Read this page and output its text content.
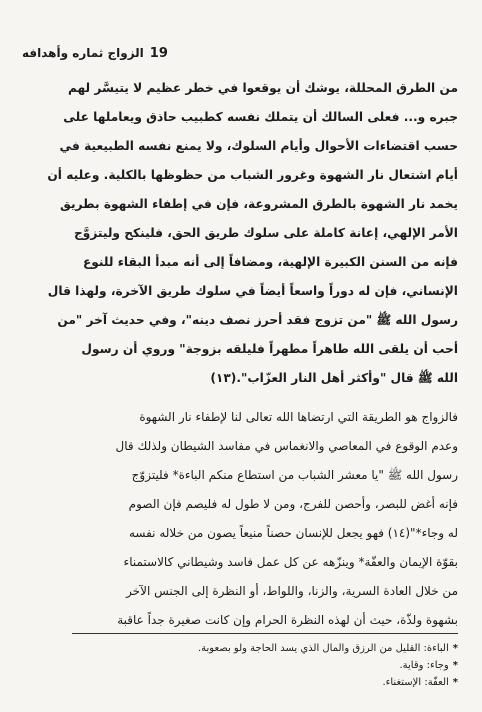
19
الزواج ثماره وأهدافه
من الطرق المحللة، يوشك أن يوقعوا في خطر عظيم لا يتيسَّر لهم
جبره و... فعلى السالك أن يتملك نفسه كطبيب حاذق ويعاملها على
حسب اقتضاءات الأحوال وأيام السلوك، ولا يمنع نفسه الطبيعية في
أيام اشتعال نار الشهوة وغرور الشباب من حظوظها بالكلية. وعليه أن
يخمد نار الشهوة بالطرق المشروعة، فإن في إطفاء الشهوة بطريق
الأمر الإلهي، إعانة كاملة على سلوك طريق الحق، فلينكح وليتزوَّج
فإنه من السنن الكبيرة الإلهية، ومضافاً إلى أنه مبدأ البقاء للنوع
الإنساني، فإن له دوراً واسعاً أيضاً في سلوك طريق الآخرة، ولهذا قال
رسول الله ﷺ "من تزوج فقد أحرز نصف دينه"، وفي حديث آخر "من
أحب أن يلقى الله طاهراً مطهراً فليلقه بزوجة" وروي أن رسول
الله ﷺ قال "وأكثر أهل النار العزّاب".(١٣)
فالزواج هو الطريقة التي ارتضاها الله تعالى لنا لإطفاء نار الشهوة
وعدم الوقوع في المعاصي والانغماس في مفاسد الشيطان ولذلك قال
رسول الله ﷺ "يا معشر الشباب من استطاع منكم الباءة* فليتزوّج
فإنه أغض للبصر، وأحصن للفرج، ومن لا طول له فليصم فإن الصوم
له وجاء*"(١٤) فهو يجعل للإنسان حصناً منيعاً يصون من خلاله نفسه
بقوّة الإيمان والعفّة* وينزّهه عن كل عمل فاسد وشيطاني كالاستمناء
من خلال العادة السرية، والزنا، واللواط، أو النظرة إلى الجنس الآخر
بشهوة ولذّة، حيث أن لهذه النظرة الحرام وإن كانت صغيرة جداً عاقبة
*الباءة: القليل من الرزق والمال الذي يسد الحاجة ولو بصعوبة.
*وجاء: وقاية.
*العفّة: الإستغناء.
